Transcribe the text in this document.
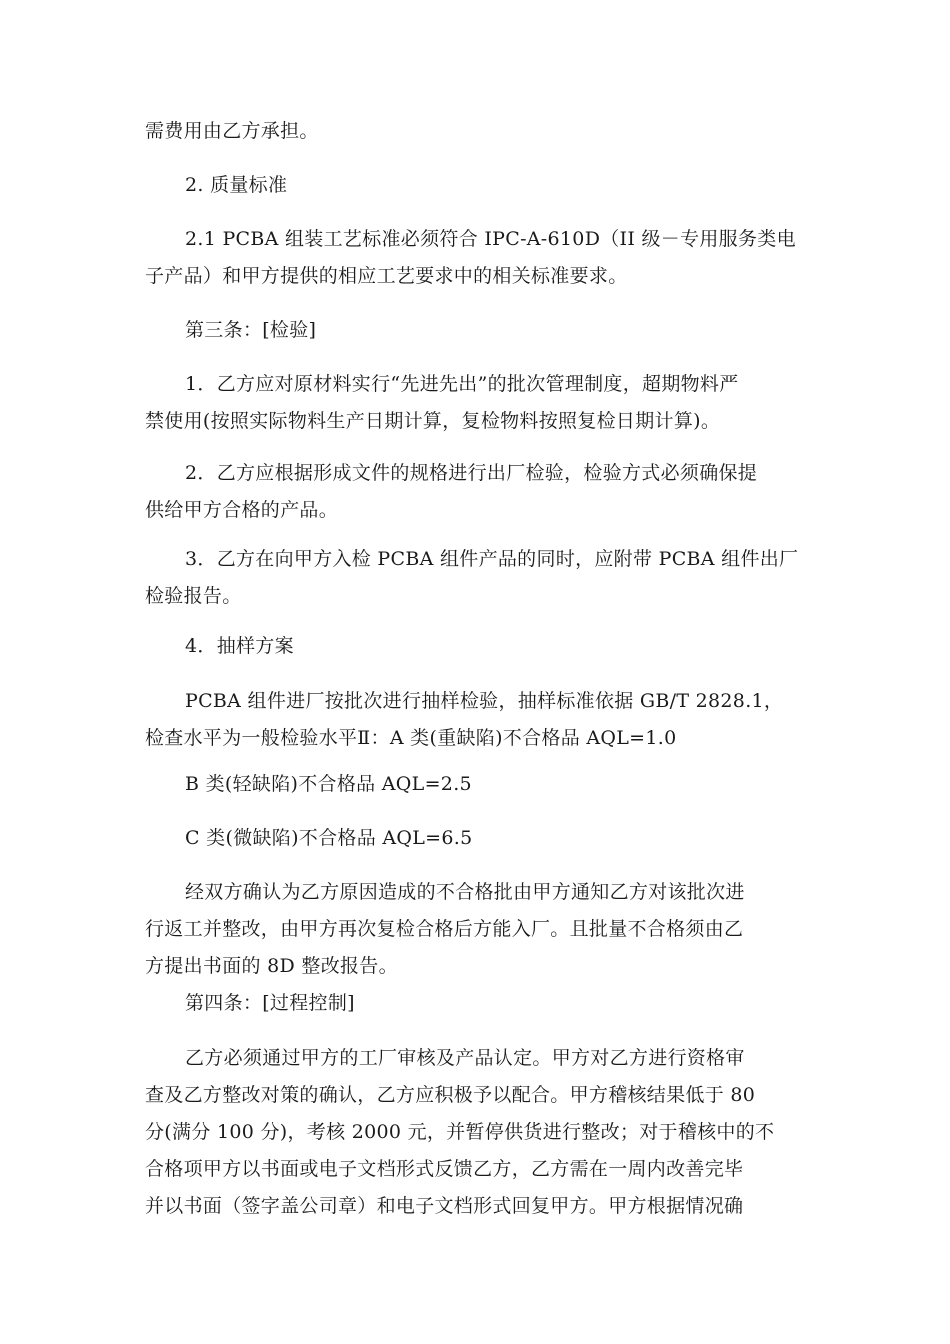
需费用由乙方承担。

2. 质量标准

2.1 PCBA 组装工艺标准必须符合 IPC-A-610D（II 级－专用服务类电
子产品）和甲方提供的相应工艺要求中的相关标准要求。

第三条：[检验]

1．乙方应对原材料实行“先进先出”的批次管理制度，超期物料严
禁使用(按照实际物料生产日期计算，复检物料按照复检日期计算)。

2．乙方应根据形成文件的规格进行出厂检验，检验方式必须确保提
供给甲方合格的产品。

3．乙方在向甲方入检 PCBA 组件产品的同时，应附带 PCBA 组件出厂
检验报告。

4．抽样方案

PCBA 组件进厂按批次进行抽样检验，抽样标准依据 GB/T 2828.1，
检查水平为一般检验水平Ⅱ：A 类(重缺陷)不合格品 AQL=1.0

B 类(轻缺陷)不合格品 AQL=2.5

C 类(微缺陷)不合格品 AQL=6.5

经双方确认为乙方原因造成的不合格批由甲方通知乙方对该批次进
行返工并整改，由甲方再次复检合格后方能入厂。且批量不合格须由乙
方提出书面的 8D 整改报告。

第四条：[过程控制]

乙方必须通过甲方的工厂审核及产品认定。甲方对乙方进行资格审
查及乙方整改对策的确认，乙方应积极予以配合。甲方稽核结果低于 80
分(满分 100 分)，考核 2000 元，并暂停供货进行整改；对于稽核中的不
合格项甲方以书面或电子文档形式反馈乙方，乙方需在一周内改善完毕
并以书面（签字盖公司章）和电子文档形式回复甲方。甲方根据情况确
